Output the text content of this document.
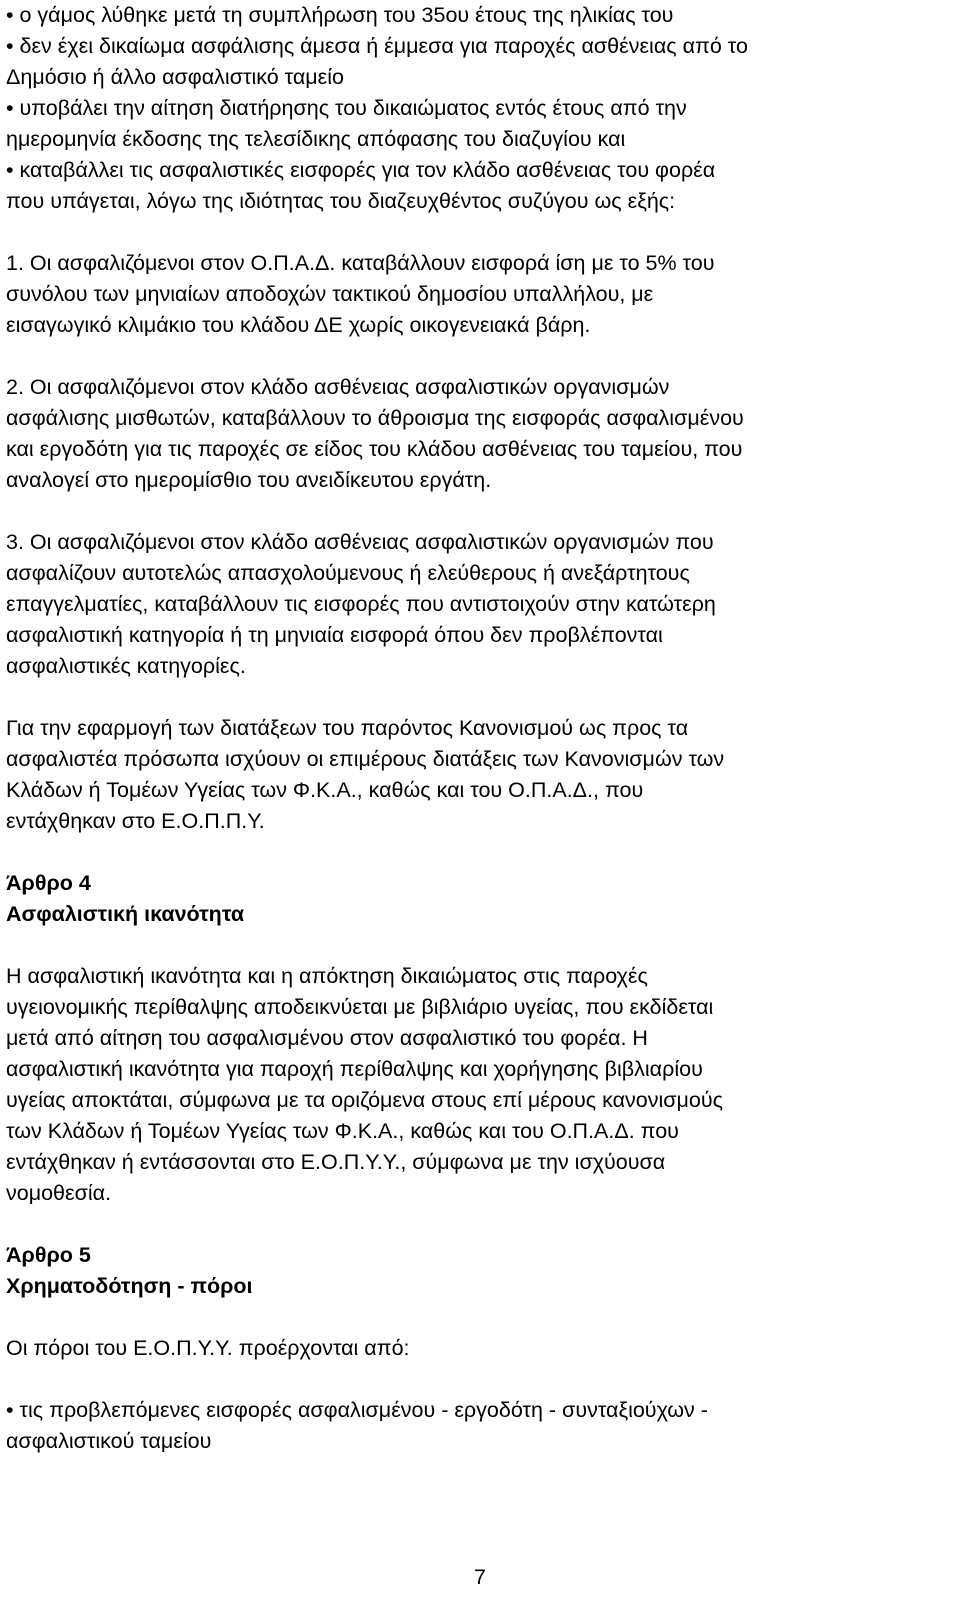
• ο γάμος λύθηκε μετά τη συμπλήρωση του 35ου έτους της ηλικίας του
• δεν έχει δικαίωμα ασφάλισης άμεσα ή έμμεσα για παροχές ασθένειας από το
Δημόσιο ή άλλο ασφαλιστικό ταμείο
• υποβάλει την αίτηση διατήρησης του δικαιώματος εντός έτους από την
ημερομηνία έκδοσης της τελεσίδικης απόφασης του διαζυγίου και
• καταβάλλει τις ασφαλιστικές εισφορές για τον κλάδο ασθένειας του φορέα
που υπάγεται, λόγω της ιδιότητας του διαζευχθέντος συζύγου ως εξής:
1. Οι ασφαλιζόμενοι στον Ο.Π.Α.Δ. καταβάλλουν εισφορά ίση με το 5% του
συνόλου των μηνιαίων αποδοχών τακτικού δημοσίου υπαλλήλου, με
εισαγωγικό κλιμάκιο του κλάδου ΔΕ χωρίς οικογενειακά βάρη.
2. Οι ασφαλιζόμενοι στον κλάδο ασθένειας ασφαλιστικών οργανισμών
ασφάλισης μισθωτών, καταβάλλουν το άθροισμα της εισφοράς ασφαλισμένου
και εργοδότη για τις παροχές σε είδος του κλάδου ασθένειας του ταμείου, που
αναλογεί στο ημερομίσθιο του ανειδίκευτου εργάτη.
3. Οι ασφαλιζόμενοι στον κλάδο ασθένειας ασφαλιστικών οργανισμών που
ασφαλίζουν αυτοτελώς απασχολούμενους ή ελεύθερους ή ανεξάρτητους
επαγγελματίες, καταβάλλουν τις εισφορές που αντιστοιχούν στην κατώτερη
ασφαλιστική κατηγορία ή τη μηνιαία εισφορά όπου δεν προβλέπονται
ασφαλιστικές κατηγορίες.
Για την εφαρμογή των διατάξεων του παρόντος Κανονισμού ως προς τα
ασφαλιστέα πρόσωπα ισχύουν οι επιμέρους διατάξεις των Κανονισμών των
Κλάδων ή Τομέων Υγείας των Φ.Κ.Α., καθώς και του Ο.Π.Α.Δ., που
εντάχθηκαν στο Ε.Ο.Π.Π.Υ.
Άρθρο 4
Ασφαλιστική ικανότητα
Η ασφαλιστική ικανότητα και η απόκτηση δικαιώματος στις παροχές
υγειονομικής περίθαλψης αποδεικνύεται με βιβλιάριο υγείας, που εκδίδεται
μετά από αίτηση του ασφαλισμένου στον ασφαλιστικό του φορέα. Η
ασφαλιστική ικανότητα για παροχή περίθαλψης και χορήγησης βιβλιαρίου
υγείας αποκτάται, σύμφωνα με τα οριζόμενα στους επί μέρους κανονισμούς
των Κλάδων ή Τομέων Υγείας των Φ.Κ.Α., καθώς και του Ο.Π.Α.Δ. που
εντάχθηκαν ή εντάσσονται στο Ε.Ο.Π.Υ.Υ., σύμφωνα με την ισχύουσα
νομοθεσία.
Άρθρο 5
Χρηματοδότηση - πόροι
Οι πόροι του Ε.Ο.Π.Υ.Υ. προέρχονται από:
• τις προβλεπόμενες εισφορές ασφαλισμένου - εργοδότη - συνταξιούχων -
ασφαλιστικού ταμείου
7
